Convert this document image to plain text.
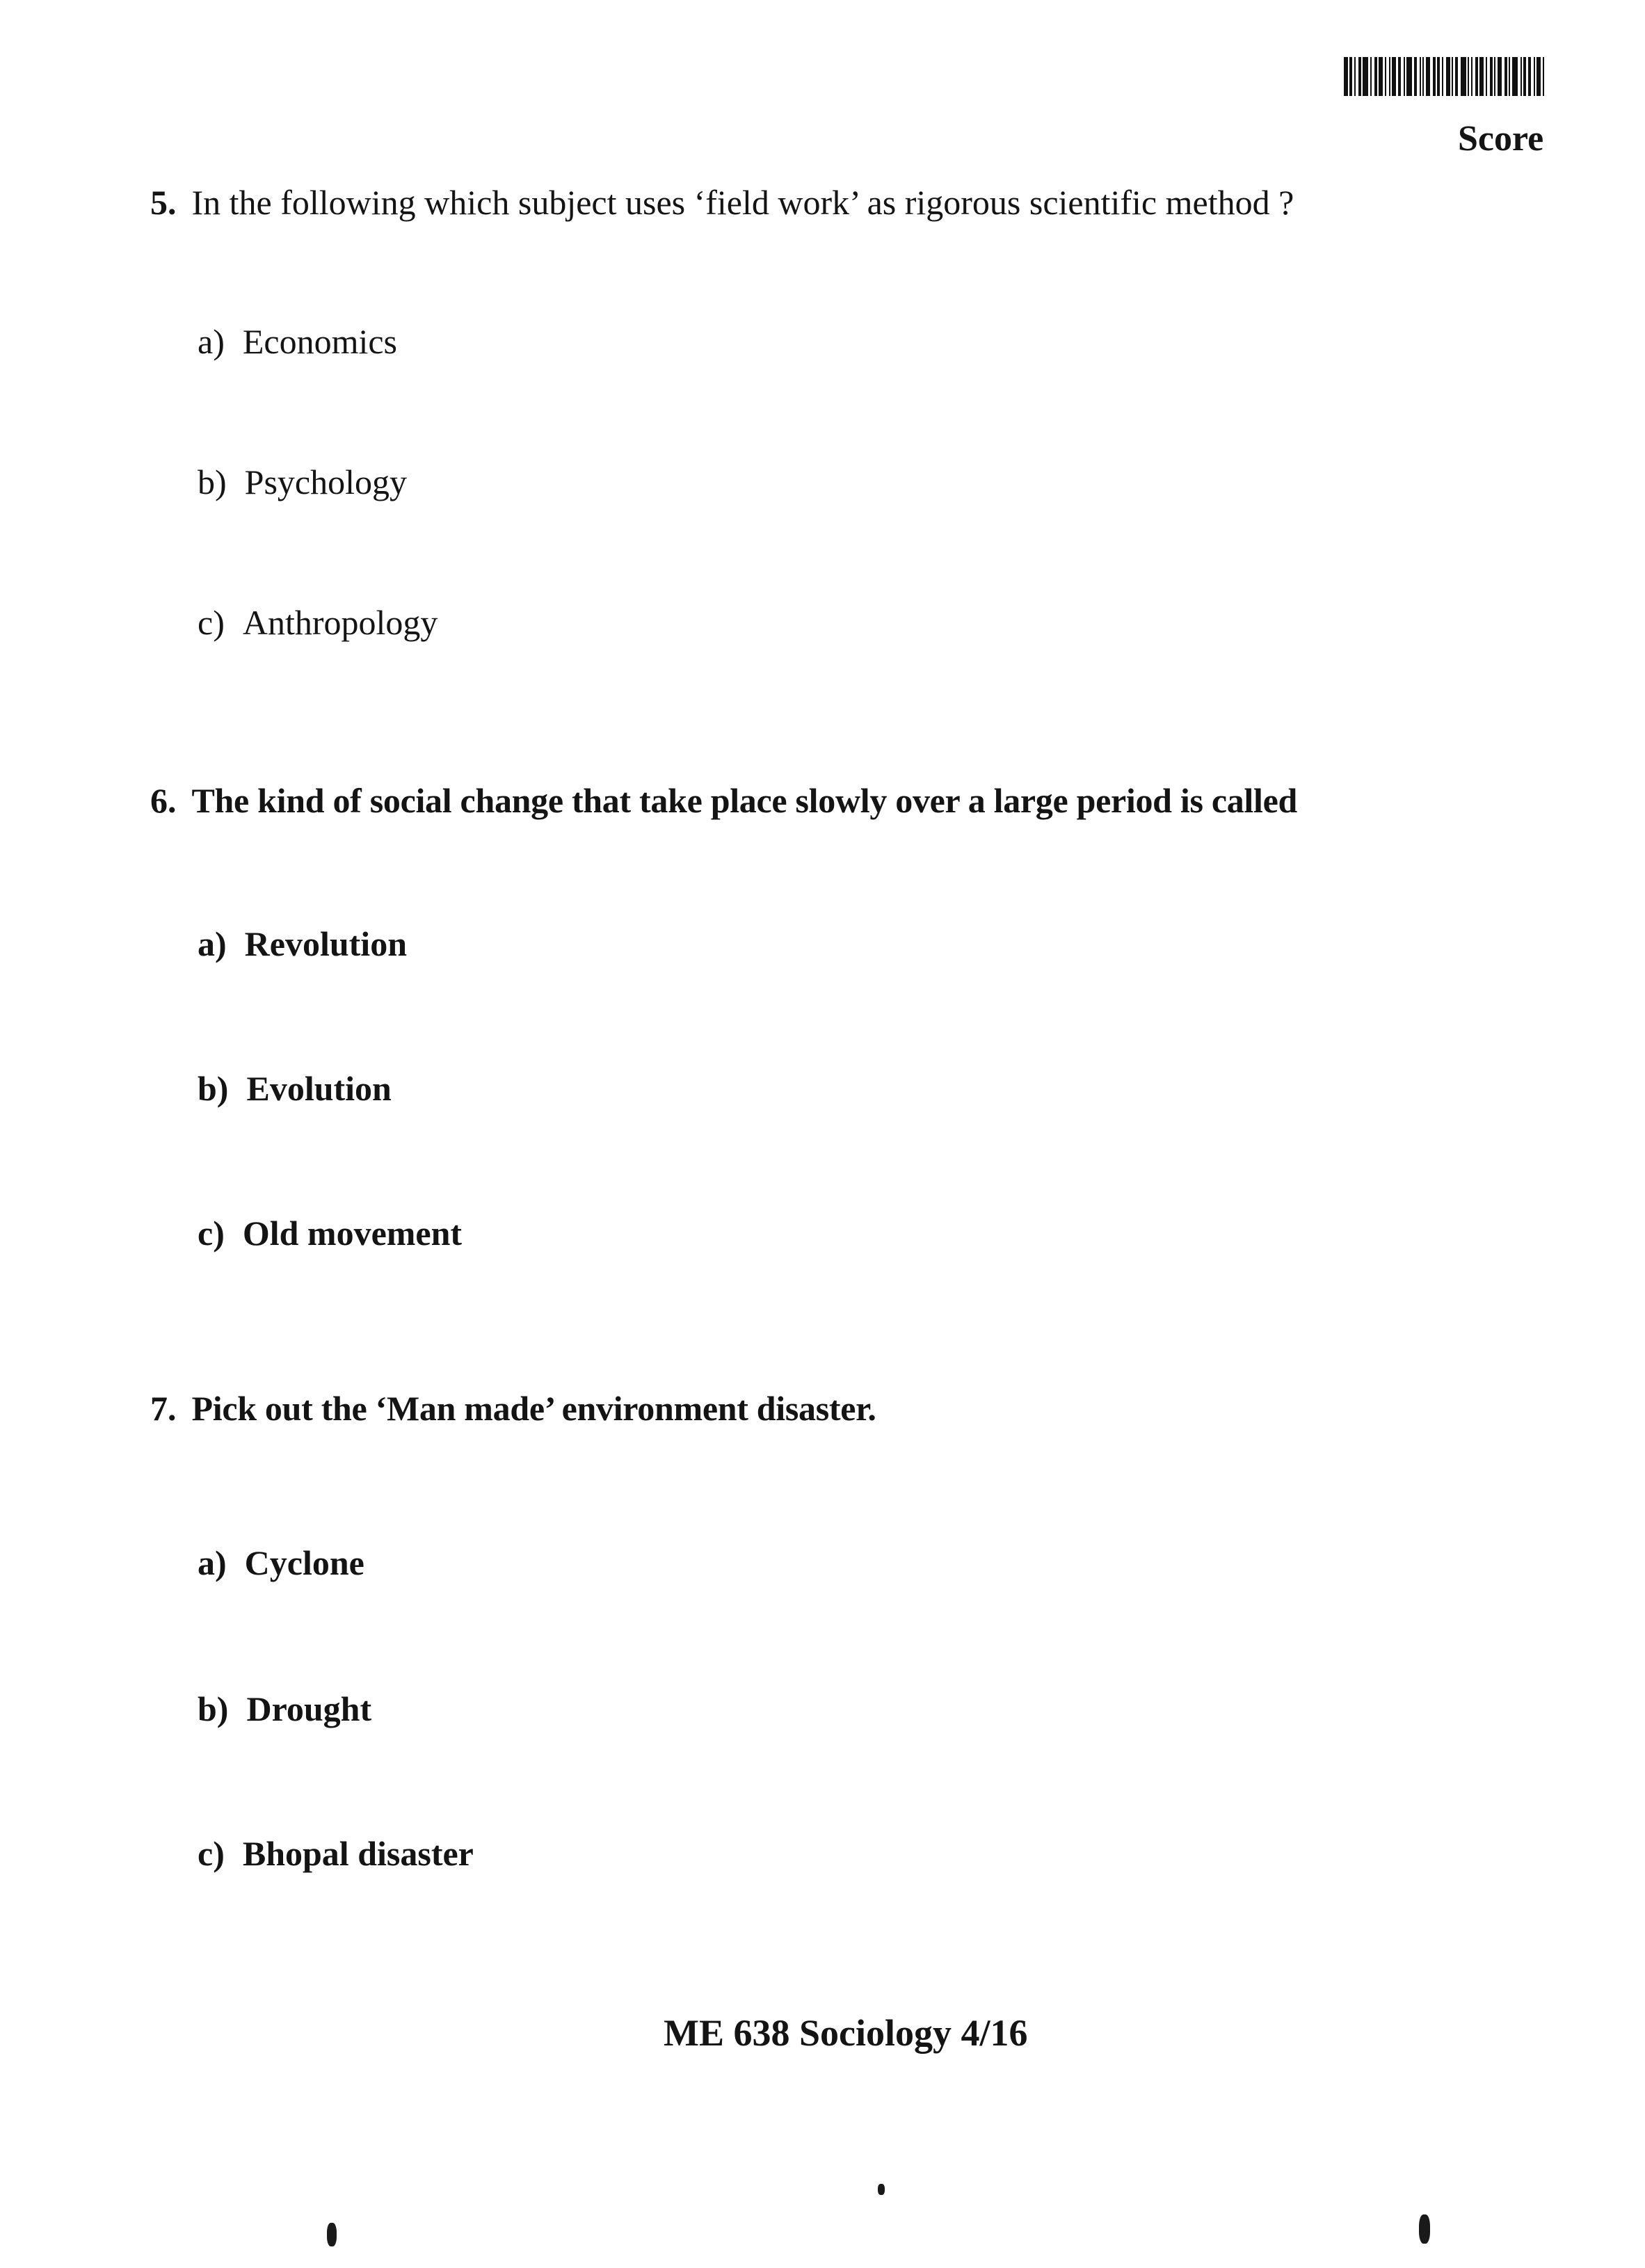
Score
5. In the following which subject uses ‘field work’ as rigorous scientific method ?
a) Economics
b) Psychology
c) Anthropology
6. The kind of social change that take place slowly over a large period is called
a) Revolution
b) Evolution
c) Old movement
7. Pick out the ‘Man made’ environment disaster.
a) Cyclone
b) Drought
c) Bhopal disaster
ME 638 Sociology 4/16
